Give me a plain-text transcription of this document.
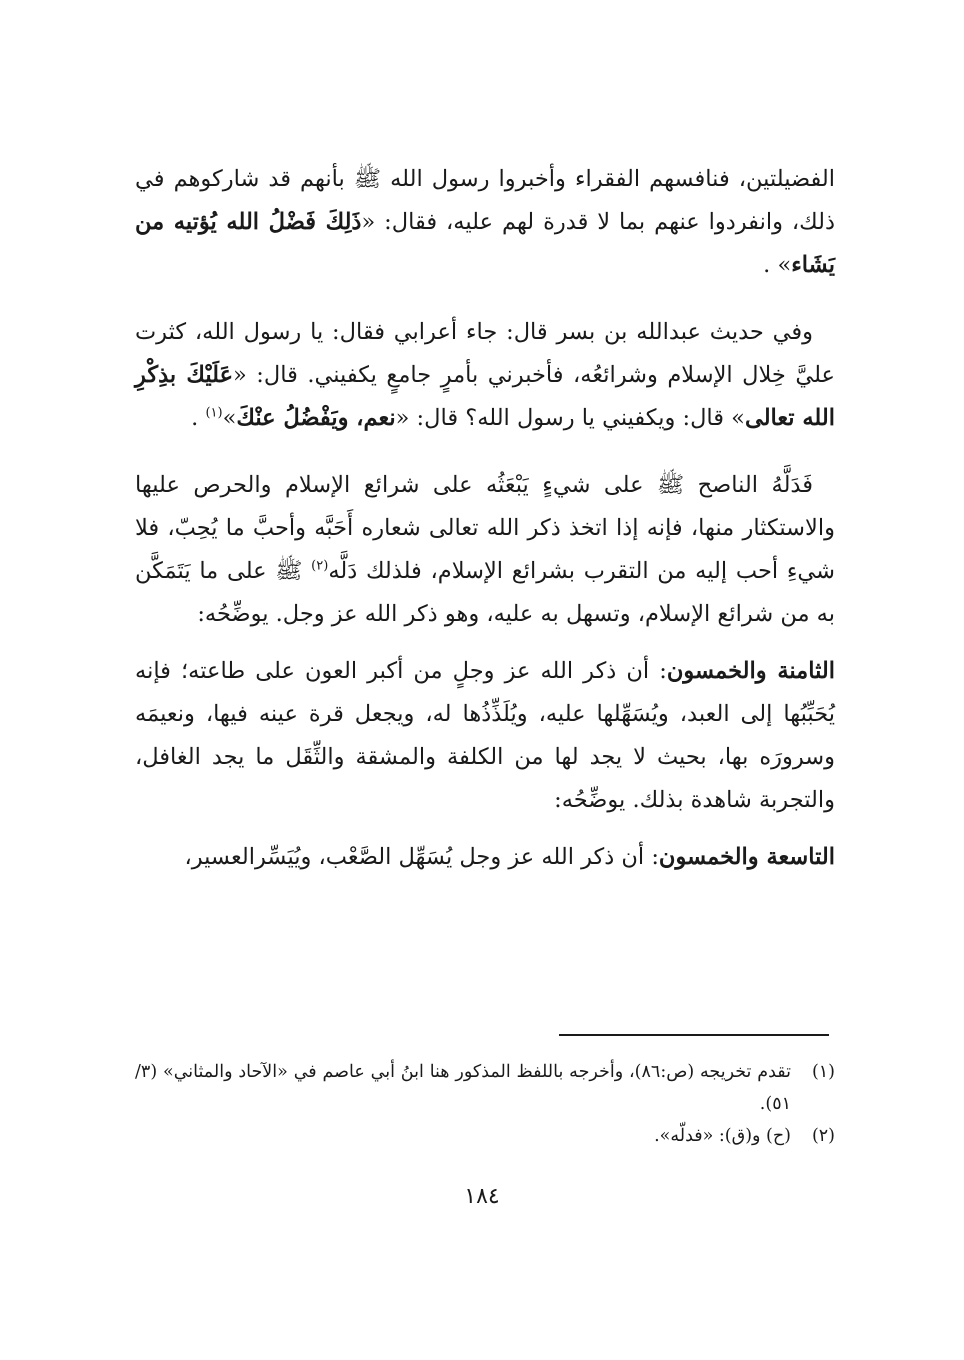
الفضيلتين، فنافسهم الفقراء وأخبروا رسول الله ﷺ بأنهم قد شاركوهم في ذلك، وانفردوا عنهم بما لا قدرة لهم عليه، فقال: «ذَلِكَ فَضْلُ الله يُؤتيه من يَشَاء» .

وفي حديث عبدالله بن بسر قال: جاء أعرابي فقال: يا رسول الله، كثرت عليَّ خِلال الإسلام وشرائعُه، فأخبرني بأمرٍ جامعٍ يكفيني. قال: «عَلَيْكَ بذِكْرِ الله تعالى» قال: ويكفيني يا رسول الله؟ قال: «نعم، ويَفْضُلُ عنْكَ»$^{(١)}$ .

فَدَلَّهُ الناصح ﷺ على شيءٍ يَبْعَثُه على شرائع الإسلام والحرص عليها والاستكثار منها، فإنه إذا اتخذ ذكر الله تعالى شعاره أَحَبَّه وأحبَّ ما يُحِبّ، فلا شيءِ أحب إليه من التقرب بشرائع الإسلام، فلذلك دَلَّه$^{(٢)}$ ﷺ على ما يَتَمَكَّن به من شرائع الإسلام، وتسهل به عليه، وهو ذكر الله عز وجل. يوضِّحُه:

الثامنة والخمسون: أن ذكر الله عز وجلٍ من أكبر العون على طاعته؛ فإنه يُحَبِّبُها إلى العبد، ويُسَهِّلها عليه، ويُلَذِّذُها له، ويجعل قرة عينه فيها، ونعيمَه وسرورَه بها، بحيث لا يجد لها من الكلفة والمشقة والثِّقَل ما يجد الغافل، والتجربة شاهدة بذلك. يوضِّحُه:

التاسعة والخمسون: أن ذكر الله عز وجل يُسَهِّل الصَّعْب، ويُيَسِّرالعسير،

(١)
تقدم تخريجه (ص:٨٦)، وأخرجه باللفظ المذكور هنا ابنُ أبي عاصم في «الآحاد والمثاني» (٣/ ٥١).
(٢)
(ح) و(ق): «فدلّه».
١٨٤
